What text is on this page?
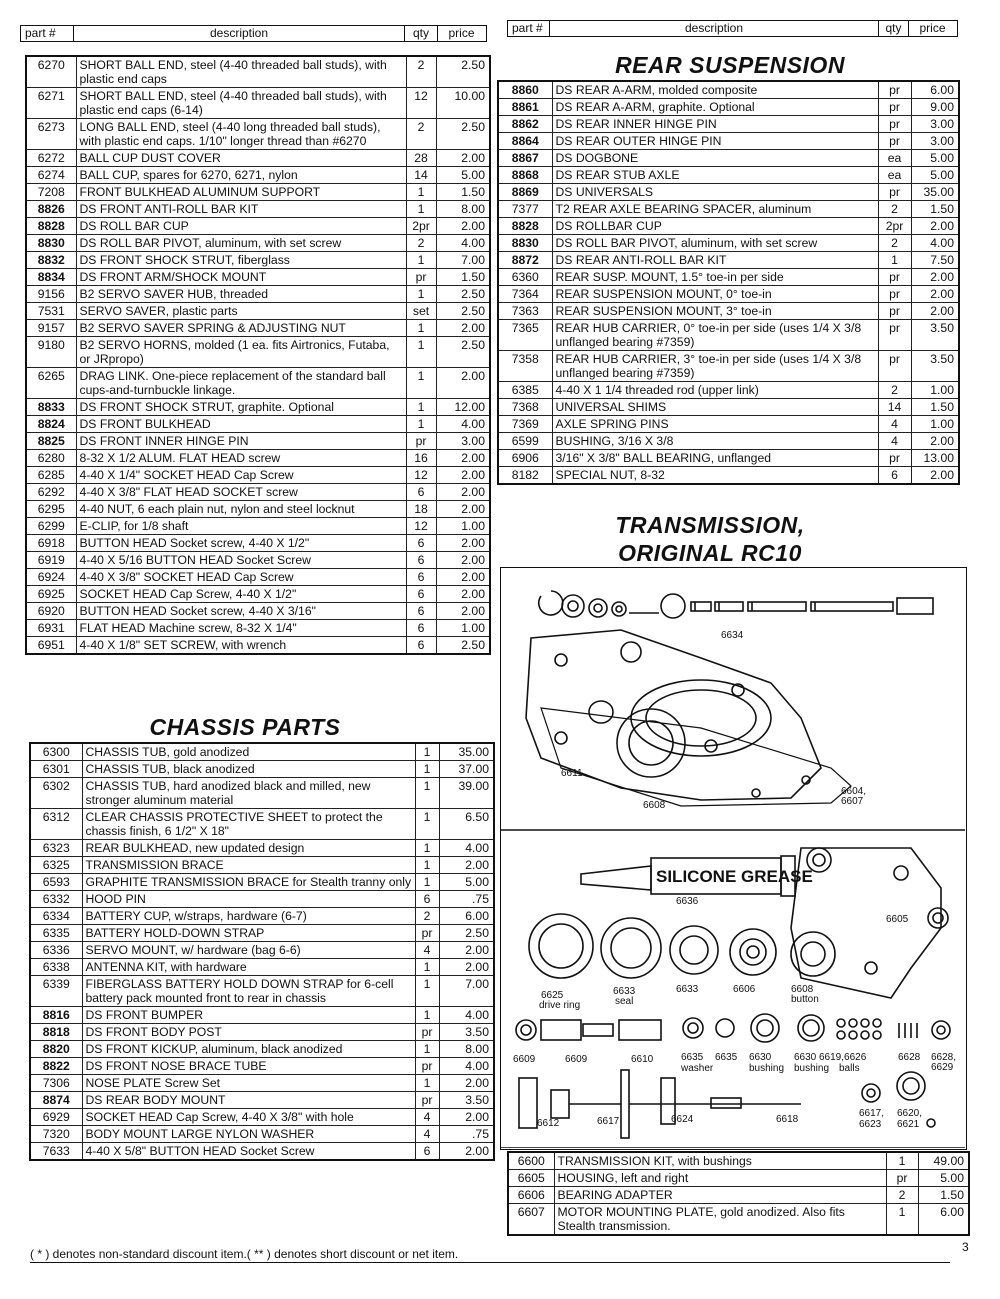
part #	description	qty	price	part #	description	qty	price
6270	SHORT BALL END, steel (4-40 threaded ball studs), with plastic end caps	2	2.50
6271	SHORT BALL END, steel (4-40 threaded ball studs), with plastic end caps (6-14)	12	10.00
6273	LONG BALL END, steel (4-40 long threaded ball studs), with plastic end caps. 1/10" longer thread than #6270	2	2.50
6272	BALL CUP DUST COVER	28	2.00
6274	BALL CUP, spares for 6270, 6271, nylon	14	5.00
7208	FRONT BULKHEAD ALUMINUM SUPPORT	1	1.50
8826	DS FRONT ANTI-ROLL BAR KIT	1	8.00
8828	DS ROLL BAR CUP	2pr	2.00
8830	DS ROLL BAR PIVOT, aluminum, with set screw	2	4.00
8832	DS FRONT SHOCK STRUT, fiberglass	1	7.00
8834	DS FRONT ARM/SHOCK MOUNT	pr	1.50
9156	B2 SERVO SAVER HUB, threaded	1	2.50
7531	SERVO SAVER, plastic parts	set	2.50
9157	B2 SERVO SAVER SPRING & ADJUSTING NUT	1	2.00
9180	B2 SERVO HORNS, molded (1 ea. fits Airtronics, Futaba, or JRpropo)	1	2.50
6265	DRAG LINK. One-piece replacement of the standard ball cups-and-turnbuckle linkage.	1	2.00
8833	DS FRONT SHOCK STRUT, graphite. Optional	1	12.00
8824	DS FRONT BULKHEAD	1	4.00
8825	DS FRONT INNER HINGE PIN	pr	3.00
6280	8-32 X 1/2 ALUM. FLAT HEAD screw	16	2.00
6285	4-40 X 1/4" SOCKET HEAD Cap Screw	12	2.00
6292	4-40 X 3/8" FLAT HEAD SOCKET screw	6	2.00
6295	4-40 NUT, 6 each plain nut, nylon and steel locknut	18	2.00
6299	E-CLIP, for 1/8 shaft	12	1.00
6918	BUTTON HEAD Socket screw, 4-40 X 1/2"	6	2.00
6919	4-40 X 5/16 BUTTON HEAD Socket Screw	6	2.00
6924	4-40 X 3/8" SOCKET HEAD Cap Screw	6	2.00
6925	SOCKET HEAD Cap Screw, 4-40 X 1/2"	6	2.00
6920	BUTTON HEAD Socket screw, 4-40 X 3/16"	6	2.00
6931	FLAT HEAD Machine screw, 8-32 X 1/4"	6	1.00
6951	4-40 X 1/8" SET SCREW, with wrench	6	2.50
CHASSIS PARTS
6300	CHASSIS TUB, gold anodized	1	35.00
6301	CHASSIS TUB, black anodized	1	37.00
6302	CHASSIS TUB, hard anodized black and milled, new stronger aluminum material	1	39.00
6312	CLEAR CHASSIS PROTECTIVE SHEET to protect the chassis finish, 6 1/2" X 18"	1	6.50
6323	REAR BULKHEAD, new updated design	1	4.00
6325	TRANSMISSION BRACE	1	2.00
6593	GRAPHITE TRANSMISSION BRACE for Stealth tranny only	1	5.00
6332	HOOD PIN	6	.75
6334	BATTERY CUP, w/straps, hardware (6-7)	2	6.00
6335	BATTERY HOLD-DOWN STRAP	pr	2.50
6336	SERVO MOUNT, w/ hardware (bag 6-6)	4	2.00
6338	ANTENNA KIT, with hardware	1	2.00
6339	FIBERGLASS BATTERY HOLD DOWN STRAP for 6-cell battery pack mounted front to rear in chassis	1	7.00
8816	DS FRONT BUMPER	1	4.00
8818	DS FRONT BODY POST	pr	3.50
8820	DS FRONT KICKUP, aluminum, black anodized	1	8.00
8822	DS FRONT NOSE BRACE TUBE	pr	4.00
7306	NOSE PLATE Screw Set	1	2.00
8874	DS REAR BODY MOUNT	pr	3.50
6929	SOCKET HEAD Cap Screw, 4-40 X 3/8" with hole	4	2.00
7320	BODY MOUNT LARGE NYLON WASHER	4	.75
7633	4-40 X 5/8" BUTTON HEAD Socket Screw	6	2.00
REAR SUSPENSION
8860	DS REAR A-ARM, molded composite	pr	6.00
8861	DS REAR A-ARM, graphite. Optional	pr	9.00
8862	DS REAR INNER HINGE PIN	pr	3.00
8864	DS REAR OUTER HINGE PIN	pr	3.00
8867	DS DOGBONE	ea	5.00
8868	DS REAR STUB AXLE	ea	5.00
8869	DS UNIVERSALS	pr	35.00
7377	T2 REAR AXLE BEARING SPACER, aluminum	2	1.50
8828	DS ROLLBAR CUP	2pr	2.00
8830	DS ROLL BAR PIVOT, aluminum, with set screw	2	4.00
8872	DS REAR ANTI-ROLL BAR KIT	1	7.50
6360	REAR SUSP. MOUNT, 1.5° toe-in per side	pr	2.00
7364	REAR SUSPENSION MOUNT, 0° toe-in	pr	2.00
7363	REAR SUSPENSION MOUNT, 3° toe-in	pr	2.00
7365	REAR HUB CARRIER, 0° toe-in per side (uses 1/4 X 3/8 unflanged bearing #7359)	pr	3.50
7358	REAR HUB CARRIER, 3° toe-in per side (uses 1/4 X 3/8 unflanged bearing #7359)	pr	3.50
6385	4-40 X 1 1/4 threaded rod (upper link)	2	1.00
7368	UNIVERSAL SHIMS	14	1.50
7369	AXLE SPRING PINS	4	1.00
6599	BUSHING, 3/16 X 3/8	4	2.00
6906	3/16" X 3/8" BALL BEARING, unflanged	pr	13.00
8182	SPECIAL NUT, 8-32	6	2.00
TRANSMISSION,
ORIGINAL RC10
6634
6611
6608
6604,
6607
SILICONE GREASE
6636
6605
6625
drive ring
6633
seal
6633	6606	6608
button
6609	6609	6610	6635
washer
6635 6630
bushing
6630
bushing balls
6619,6626	6628 6628,
6629
6612	6617	6624	6618
6617,
6623
6620,
6621
6600	TRANSMISSION KIT, with bushings	1	49.00
6605	HOUSING, left and right	pr	5.00
6606	BEARING ADAPTER	2	1.50
6607	MOTOR MOUNTING PLATE, gold anodized. Also fits Stealth transmission.	1	6.00
( * ) denotes non-standard discount item.( ** ) denotes short discount or net item.	3
